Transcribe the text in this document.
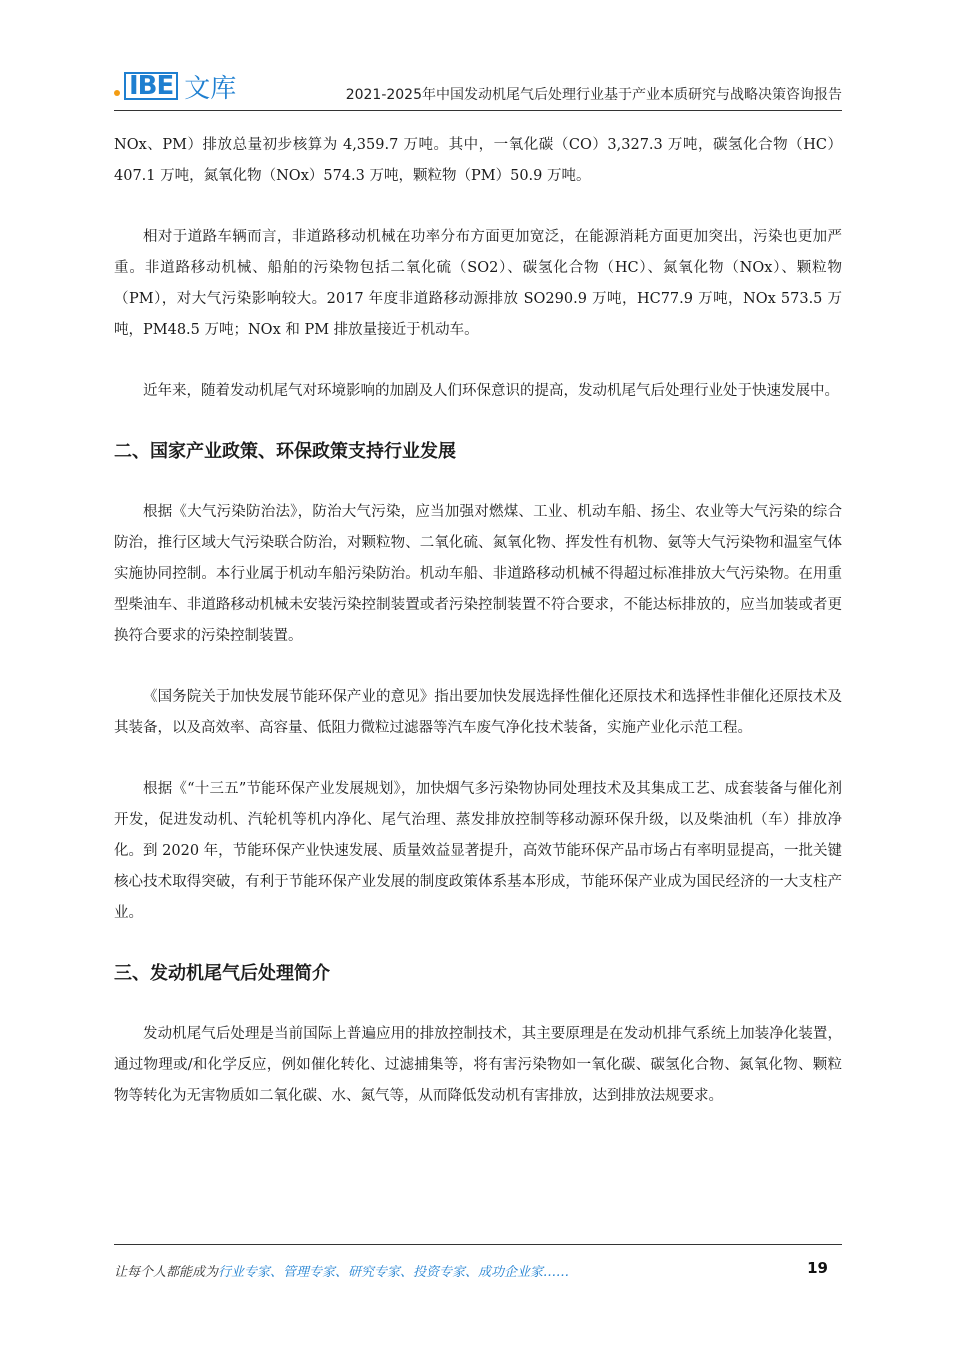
IBE 文库	2021-2025年中国发动机尾气后处理行业基于产业本质研究与战略决策咨询报告

NOx、PM）排放总量初步核算为 4,359.7 万吨。其中，一氧化碳（CO）3,327.3 万吨，碳氢化合物（HC）407.1 万吨，氮氧化物（NOx）574.3 万吨，颗粒物（PM）50.9 万吨。

相对于道路车辆而言，非道路移动机械在功率分布方面更加宽泛，在能源消耗方面更加突出，污染也更加严重。非道路移动机械、船舶的污染物包括二氧化硫（SO2）、碳氢化合物（HC）、氮氧化物（NOx）、颗粒物（PM），对大气污染影响较大。2017 年度非道路移动源排放 SO290.9 万吨，HC77.9 万吨，NOx 573.5 万吨，PM48.5 万吨；NOx 和 PM 排放量接近于机动车。

近年来，随着发动机尾气对环境影响的加剧及人们环保意识的提高，发动机尾气后处理行业处于快速发展中。

二、国家产业政策、环保政策支持行业发展

根据《大气污染防治法》，防治大气污染，应当加强对燃煤、工业、机动车船、扬尘、农业等大气污染的综合防治，推行区域大气污染联合防治，对颗粒物、二氧化硫、氮氧化物、挥发性有机物、氨等大气污染物和温室气体实施协同控制。本行业属于机动车船污染防治。机动车船、非道路移动机械不得超过标准排放大气污染物。在用重型柴油车、非道路移动机械未安装污染控制装置或者污染控制装置不符合要求，不能达标排放的，应当加装或者更换符合要求的污染控制装置。

《国务院关于加快发展节能环保产业的意见》指出要加快发展选择性催化还原技术和选择性非催化还原技术及其装备，以及高效率、高容量、低阻力微粒过滤器等汽车废气净化技术装备，实施产业化示范工程。

根据《“十三五”节能环保产业发展规划》，加快烟气多污染物协同处理技术及其集成工艺、成套装备与催化剂开发，促进发动机、汽轮机等机内净化、尾气治理、蒸发排放控制等移动源环保升级，以及柴油机（车）排放净化。到 2020 年，节能环保产业快速发展、质量效益显著提升，高效节能环保产品市场占有率明显提高，一批关键核心技术取得突破，有利于节能环保产业发展的制度政策体系基本形成，节能环保产业成为国民经济的一大支柱产业。

三、发动机尾气后处理简介

发动机尾气后处理是当前国际上普遍应用的排放控制技术，其主要原理是在发动机排气系统上加装净化装置，通过物理或/和化学反应，例如催化转化、过滤捕集等，将有害污染物如一氧化碳、碳氢化合物、氮氧化物、颗粒物等转化为无害物质如二氧化碳、水、氮气等，从而降低发动机有害排放，达到排放法规要求。

让每个人都能成为行业专家、管理专家、研究专家、投资专家、成功企业家……	19
